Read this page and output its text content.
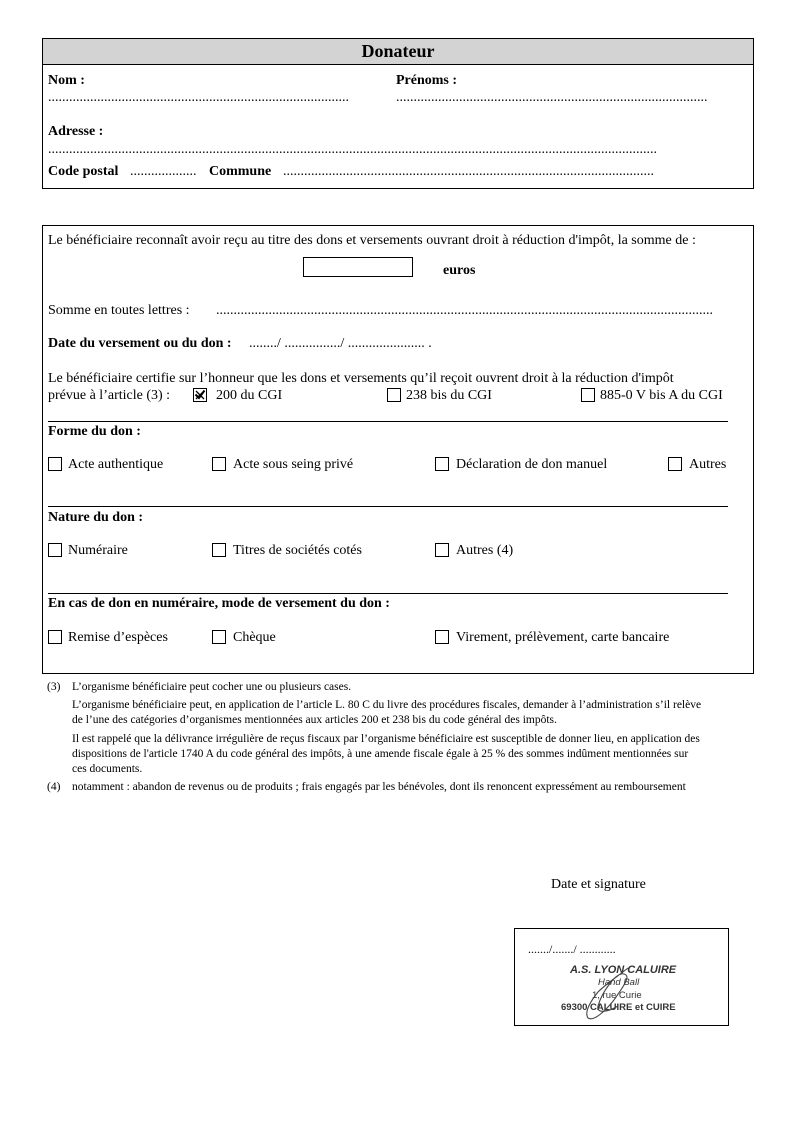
Donateur
Nom :
......................................................................................
Prénoms :
.........................................................................................
Adresse :
..............................................................................................................................................................................
Code postal ................... Commune ..........................................................................................................
Le bénéficiaire reconnaît avoir reçu au titre des dons et versements ouvrant droit à réduction d'impôt, la somme de :
euros
Somme en toutes lettres : ..............................................................................................................................................
Date du versement ou du don : ......../ ................/ ...................... .
Le bénéficiaire certifie sur l’honneur que les dons et versements qu’il reçoit ouvrent droit à la réduction d'impôt
prévue à l’article (3) :	200 du CGI	238 bis du CGI	885-0 V bis A du CGI
Forme du don :
Acte authentique	Acte sous seing privé	Déclaration de don manuel	Autres
Nature du don :
Numéraire	Titres de sociétés cotés	Autres (4)
En cas de don en numéraire, mode de versement du don :
Remise d’espèces	Chèque	Virement, prélèvement, carte bancaire
(3) L’organisme bénéficiaire peut cocher une ou plusieurs cases.
L’organisme bénéficiaire peut, en application de l’article L. 80 C du livre des procédures fiscales, demander à l’administration s’il relève
de l’une des catégories d’organismes mentionnées aux articles 200 et 238 bis du code général des impôts.
Il est rappelé que la délivrance irrégulière de reçus fiscaux par l’organisme bénéficiaire est susceptible de donner lieu, en application des
dispositions de l'article 1740 A du code général des impôts, à une amende fiscale égale à 25 % des sommes indûment mentionnées sur
ces documents.
(4) notamment : abandon de revenus ou de produits ; frais engagés par les bénévoles, dont ils renoncent expressément au remboursement
Date et signature
......./......./ ............
A.S. LYON CALUIRE
Hand Ball
1, rue Curie
69300 CALUIRE et CUIRE
